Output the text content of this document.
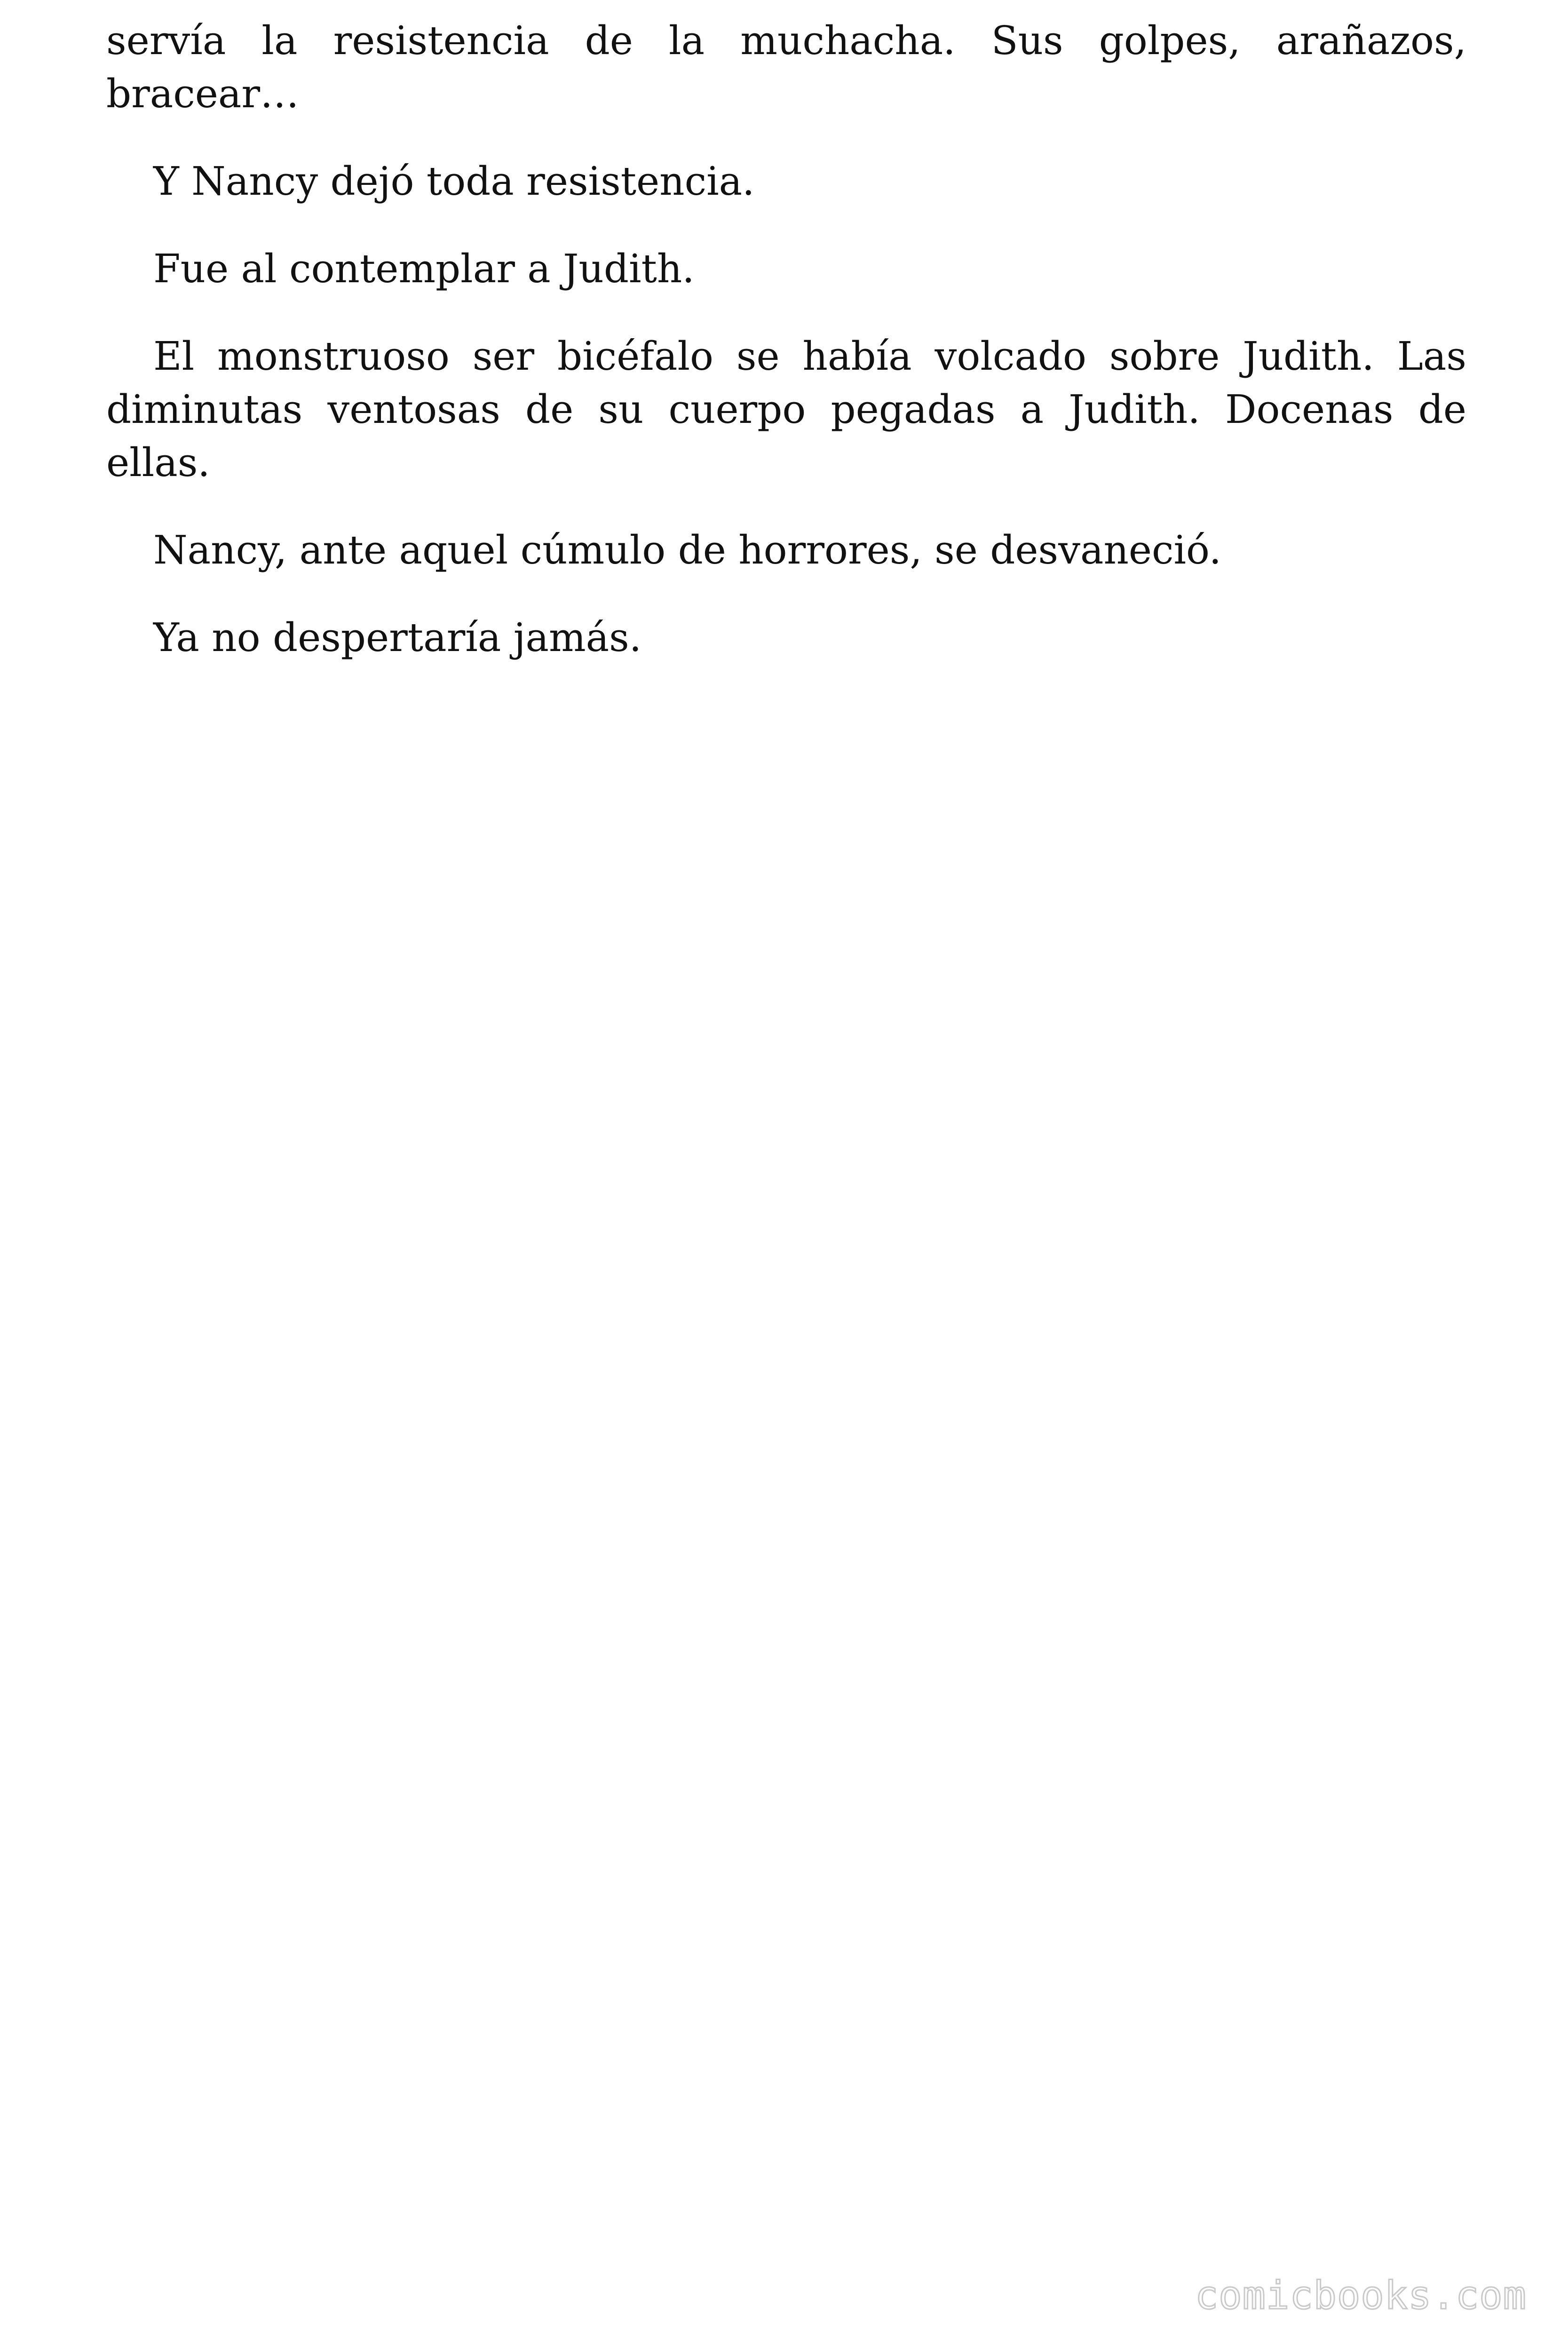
servía la resistencia de la muchacha. Sus golpes, arañazos, bracear…

Y Nancy dejó toda resistencia.

Fue al contemplar a Judith.

El monstruoso ser bicéfalo se había volcado sobre Judith. Las diminutas ventosas de su cuerpo pegadas a Judith. Docenas de ellas.

Nancy, ante aquel cúmulo de horrores, se desvaneció.

Ya no despertaría jamás.

comicbooks.com
